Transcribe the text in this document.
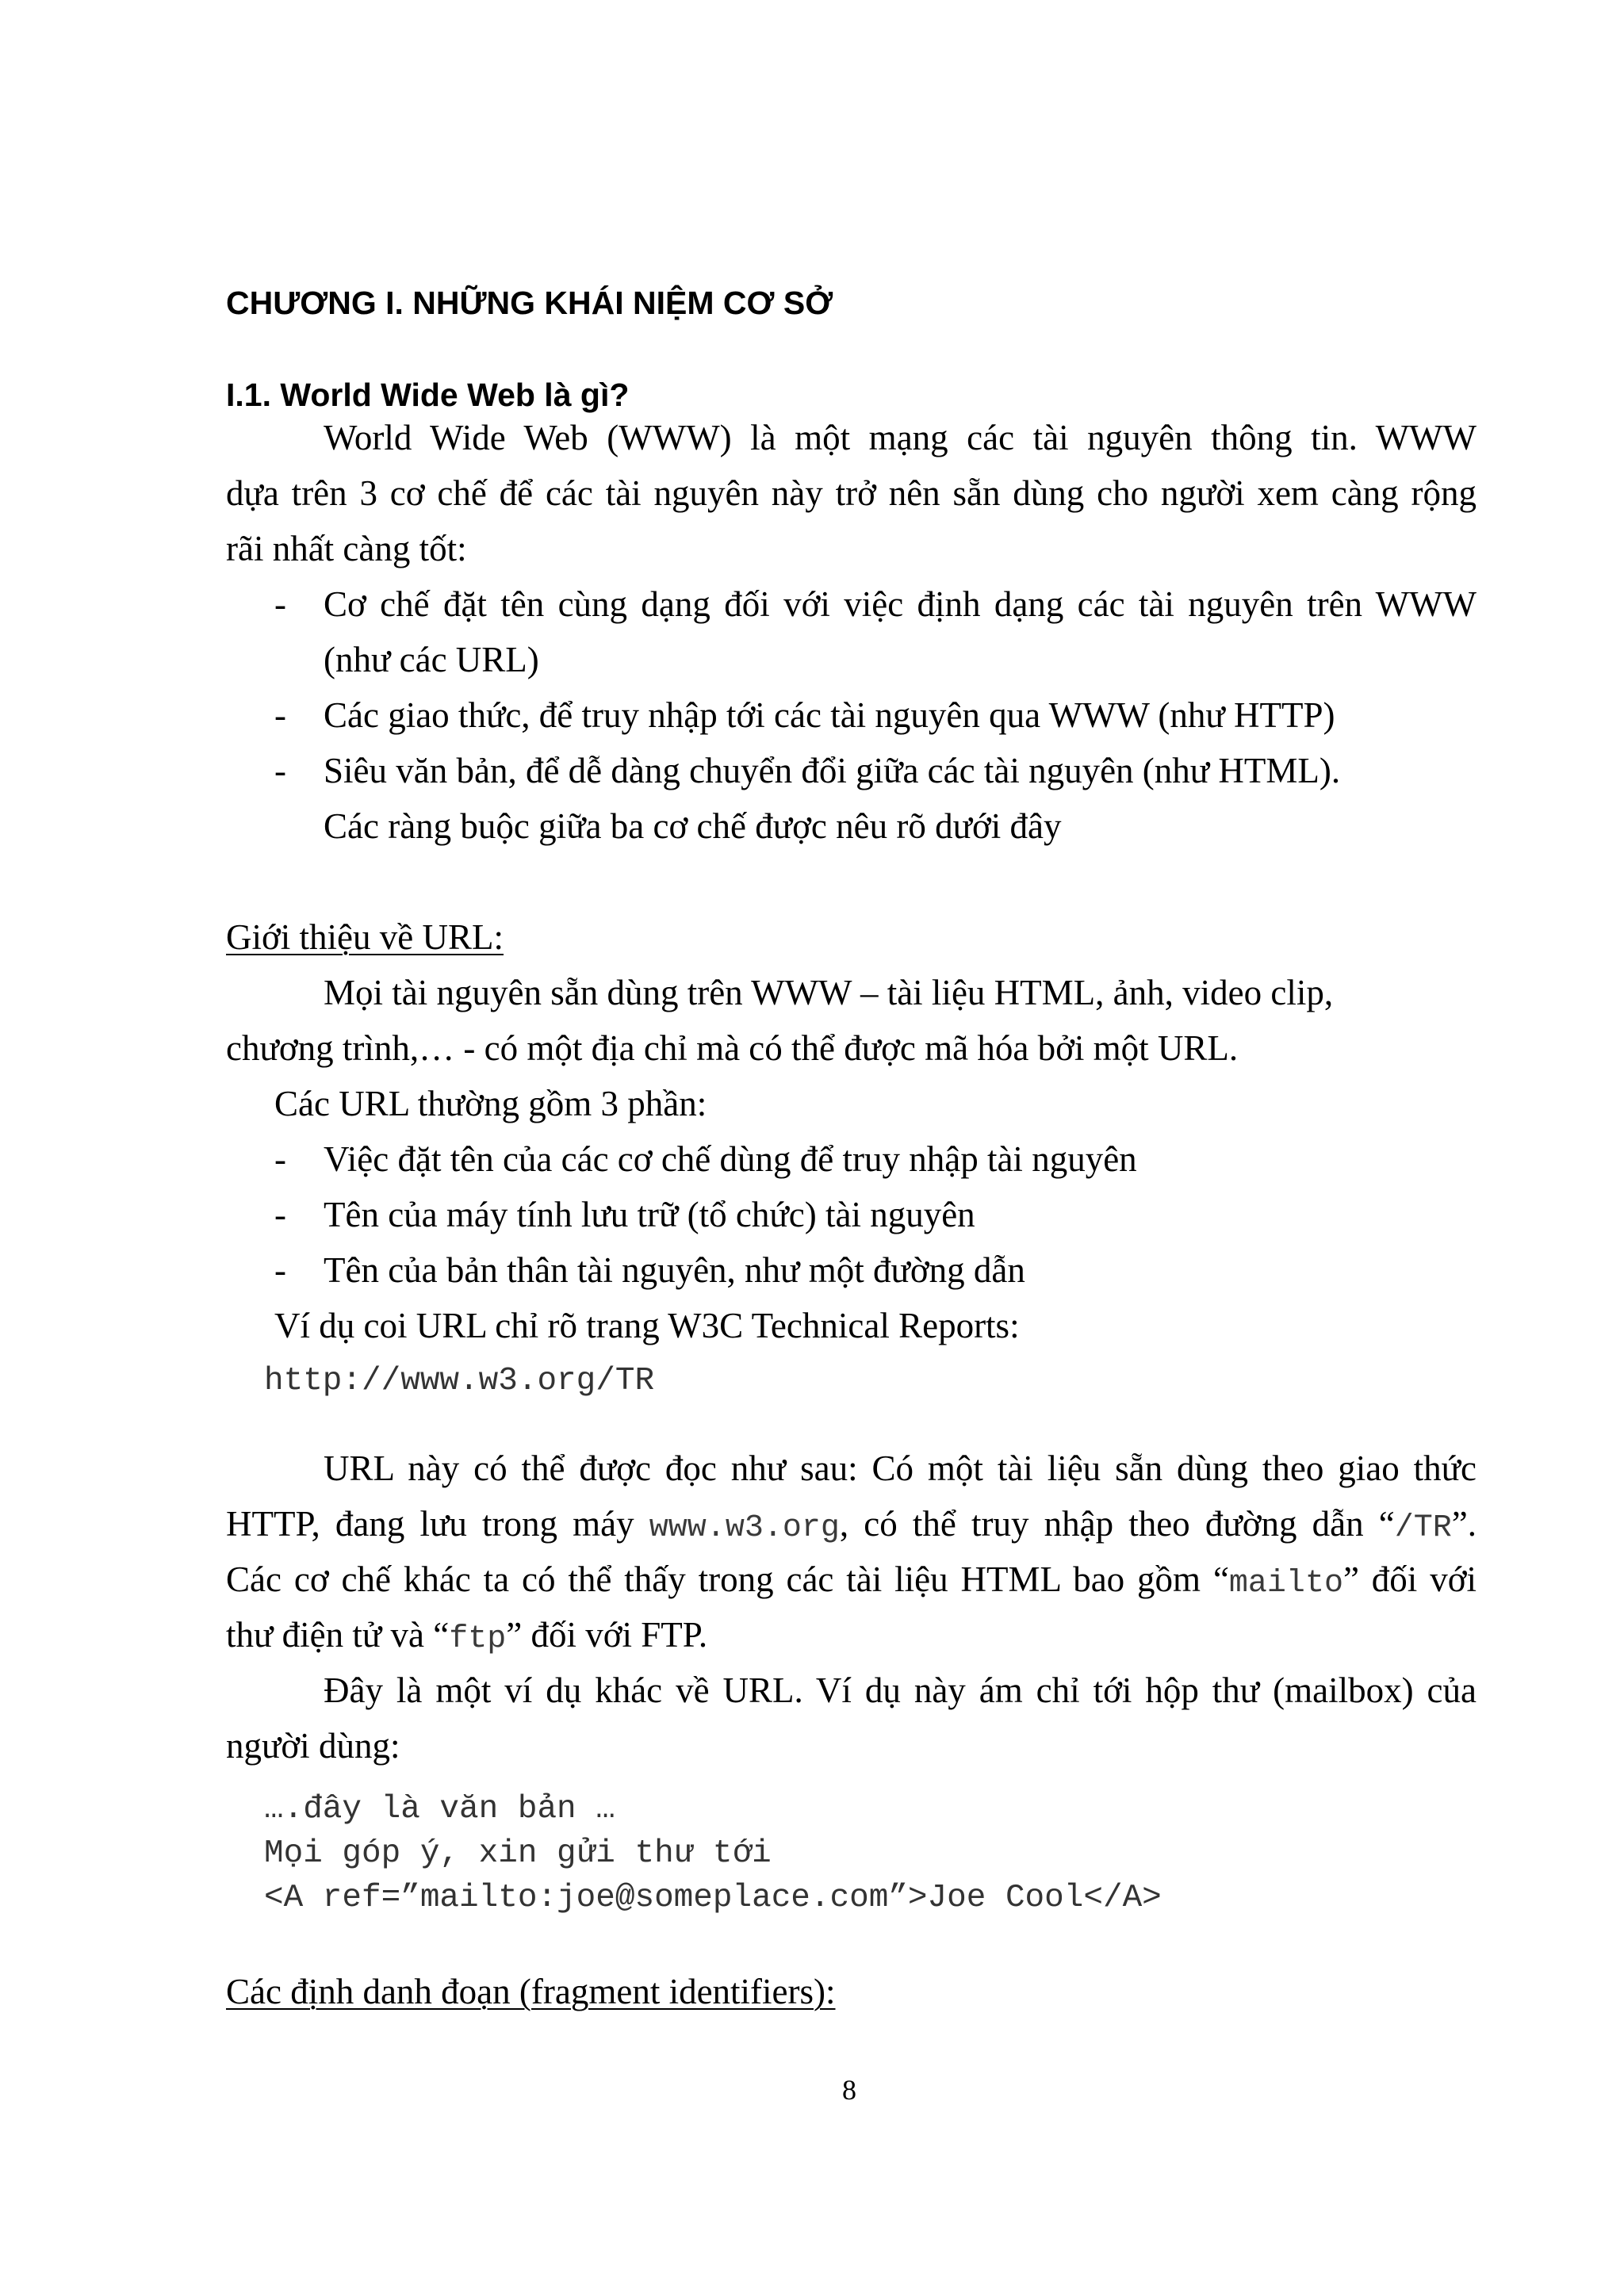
CHƯƠNG I. NHỮNG KHÁI NIỆM CƠ SỞ
I.1. World Wide Web là gì?
World Wide Web (WWW) là một mạng các tài nguyên thông tin. WWW
dựa trên 3 cơ chế để các tài nguyên này trở nên sẵn dùng cho người xem càng rộng
rãi nhất càng tốt:
- Cơ chế đặt tên cùng dạng đối với việc định dạng các tài nguyên trên WWW
(như các URL)
- Các giao thức, để truy nhập tới các tài nguyên qua WWW (như HTTP)
- Siêu văn bản, để dễ dàng chuyển đổi giữa các tài nguyên (như HTML).
Các ràng buộc giữa ba cơ chế được nêu rõ dưới đây
Giới thiệu về URL:
Mọi tài nguyên sẵn dùng trên WWW – tài liệu HTML, ảnh, video clip,
chương trình,… - có một địa chỉ mà có thể được mã hóa bởi một URL.
Các URL thường gồm 3 phần:
- Việc đặt tên của các cơ chế dùng để truy nhập tài nguyên
- Tên của máy tính lưu trữ (tổ chức) tài nguyên
- Tên của bản thân tài nguyên, như một đường dẫn
Ví dụ coi URL chỉ rõ trang W3C Technical Reports:
http://www.w3.org/TR
URL này có thể được đọc như sau: Có một tài liệu sẵn dùng theo giao thức
HTTP, đang lưu trong máy www.w3.org, có thể truy nhập theo đường dẫn “/TR”.
Các cơ chế khác ta có thể thấy trong các tài liệu HTML bao gồm “mailto” đối với
thư điện tử và “ftp” đối với FTP.
Đây là một ví dụ khác về URL. Ví dụ này ám chỉ tới hộp thư (mailbox) của
người dùng:
….đây là văn bản …
Mọi góp ý, xin gửi thư tới
<A ref=”mailto:joe@someplace.com”>Joe Cool</A>
Các định danh đoạn (fragment identifiers):
8
